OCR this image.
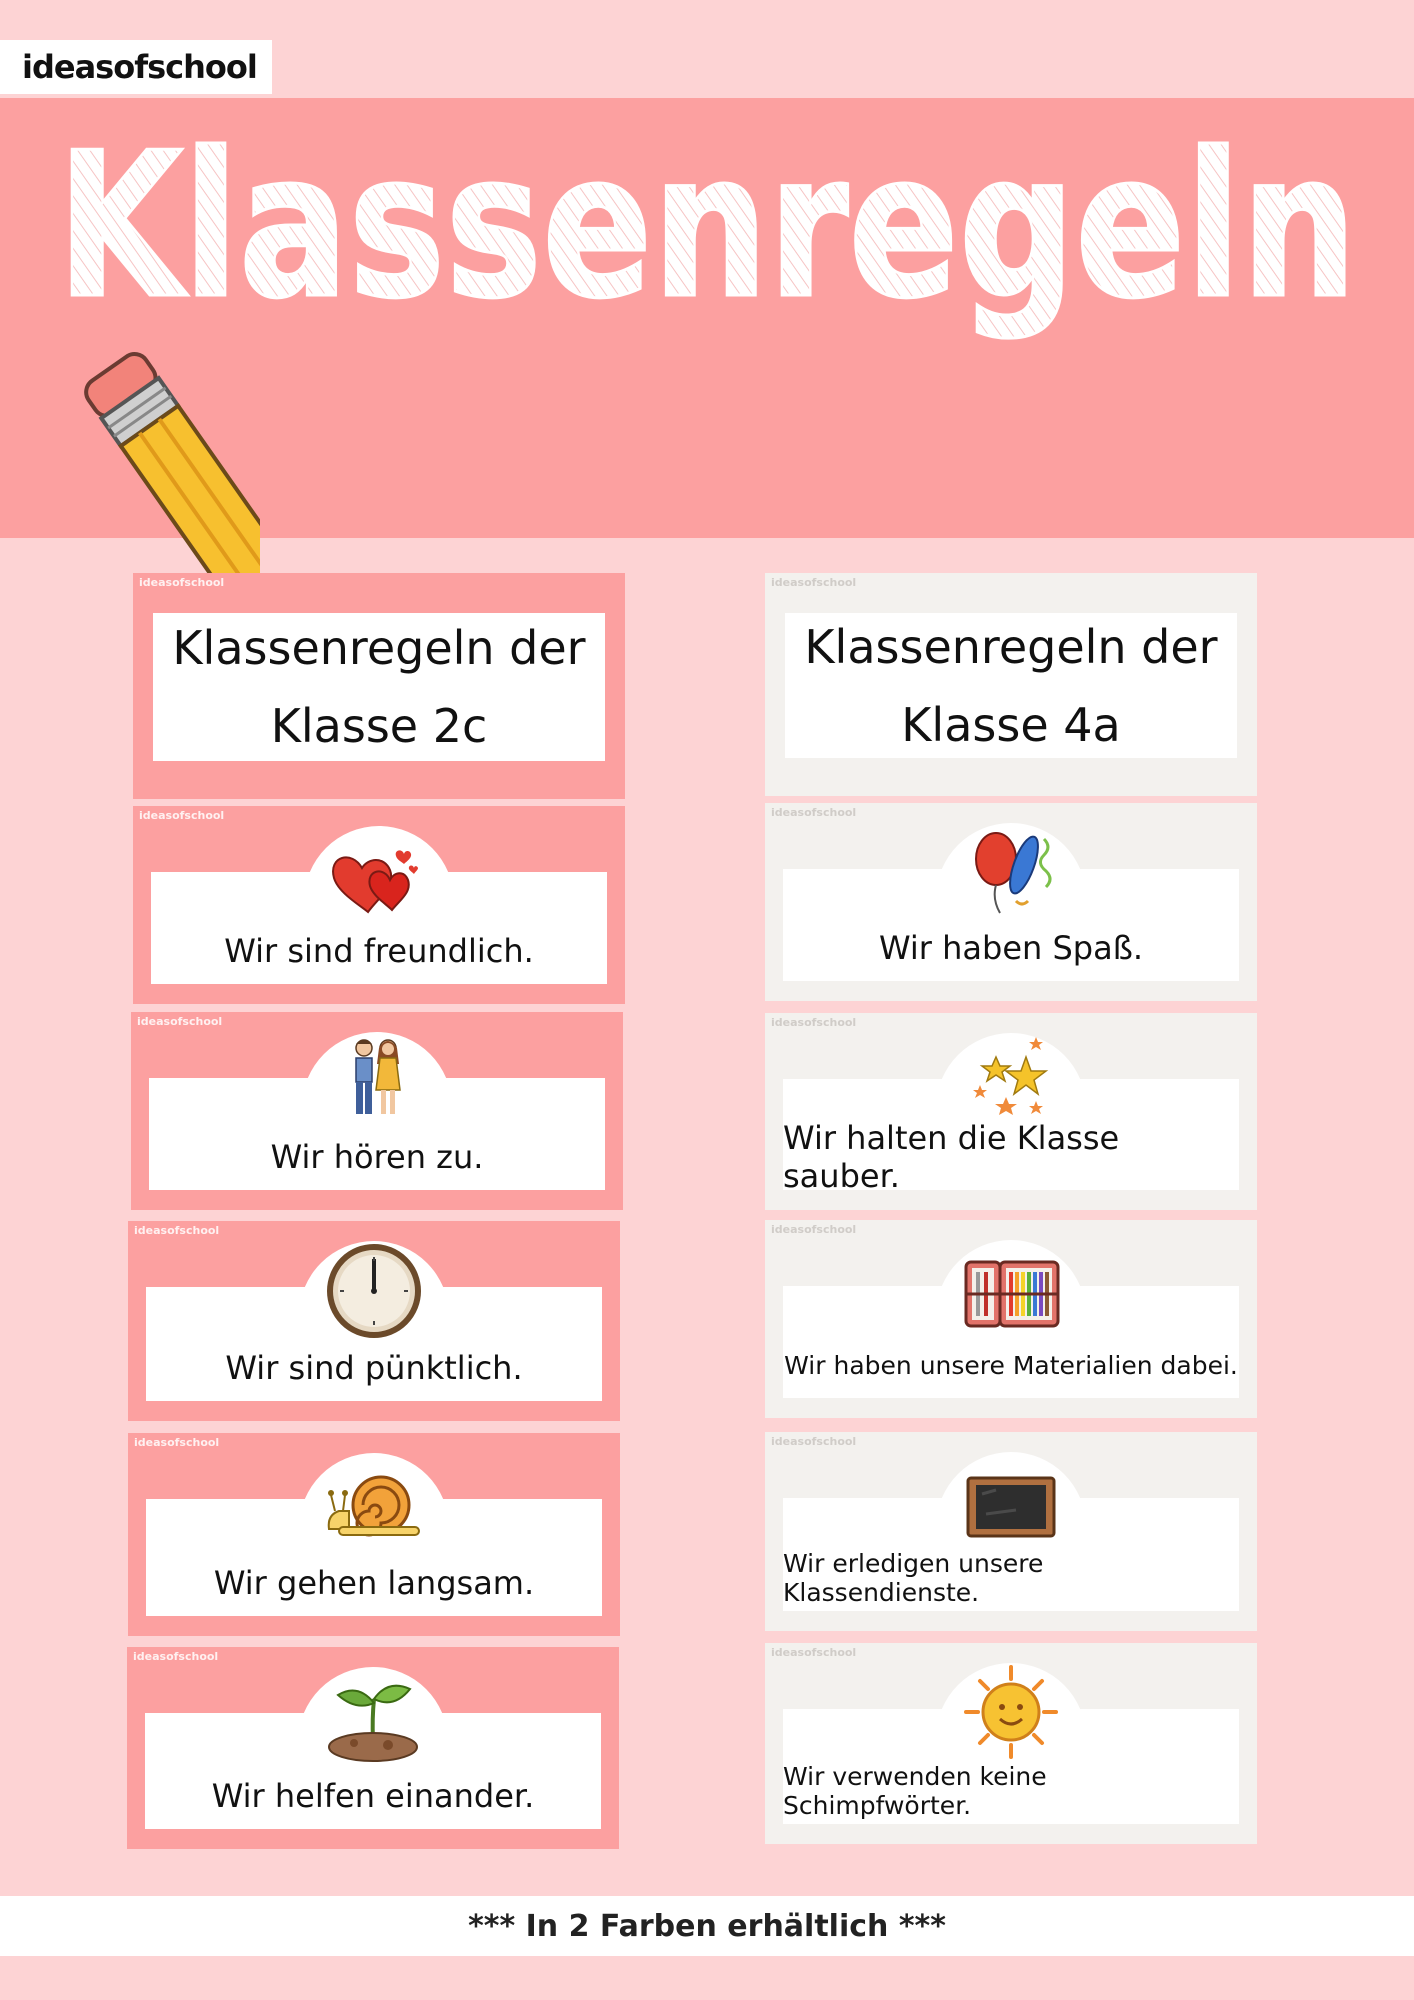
ideasofschool
Klassenregeln
ideasofschool
Klassenregeln der
Klasse 2c
ideasofschool
Wir sind freundlich.
ideasofschool
Wir hören zu.
ideasofschool
Wir sind pünktlich.
ideasofschool
Wir gehen langsam.
ideasofschool
Wir helfen einander.
ideasofschool
Klassenregeln der
Klasse 4a
ideasofschool
Wir haben Spaß.
ideasofschool
Wir halten die Klasse sauber.
ideasofschool
Wir haben unsere Materialien dabei.
ideasofschool
Wir erledigen unsere Klassendienste.
ideasofschool
Wir verwenden keine Schimpfwörter.
*** In 2 Farben erhältlich ***
